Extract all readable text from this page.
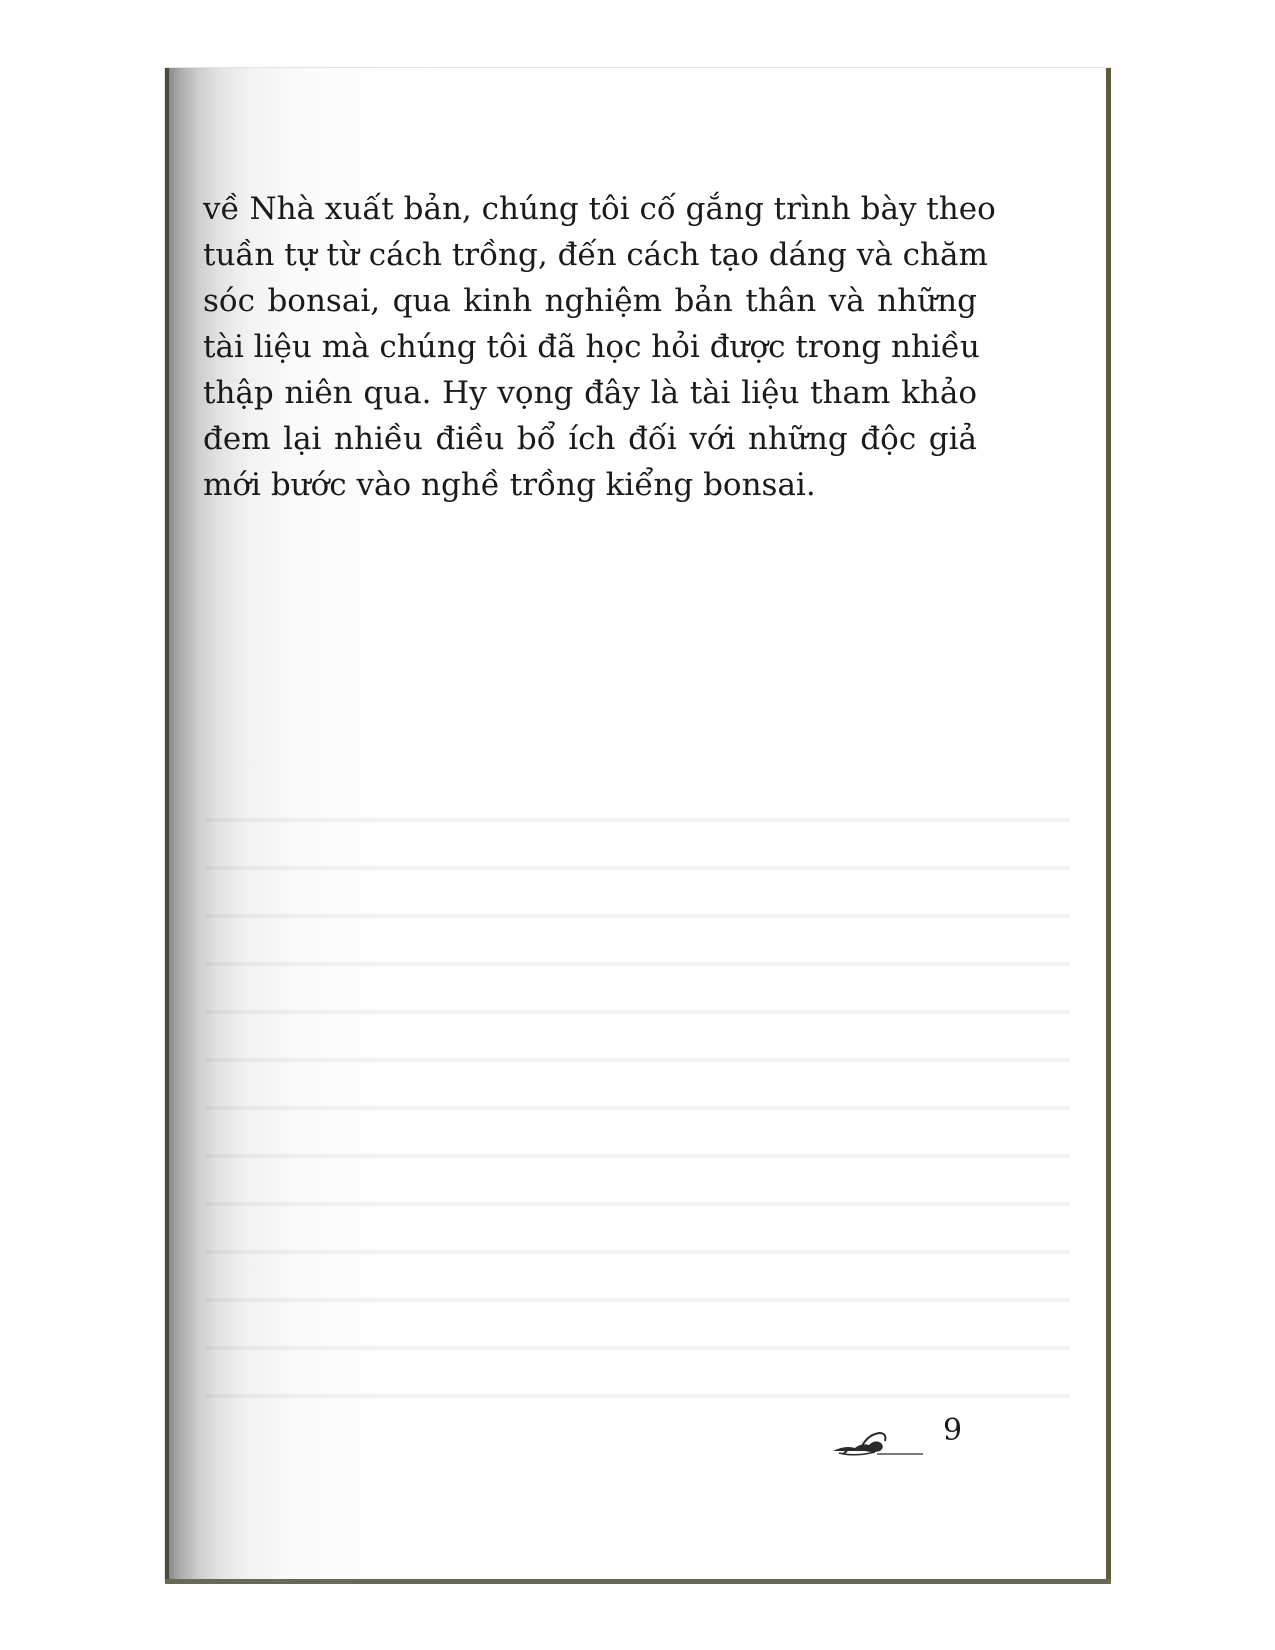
về Nhà xuất bản, chúng tôi cố gắng trình bày theo
tuần tự từ cách trồng, đến cách tạo dáng và chăm
sóc bonsai, qua kinh nghiệm bản thân và những
tài liệu mà chúng tôi đã học hỏi được trong nhiều
thập niên qua. Hy vọng đây là tài liệu tham khảo
đem lại nhiều điều bổ ích đối với những độc giả
mới bước vào nghề trồng kiểng bonsai.

9
